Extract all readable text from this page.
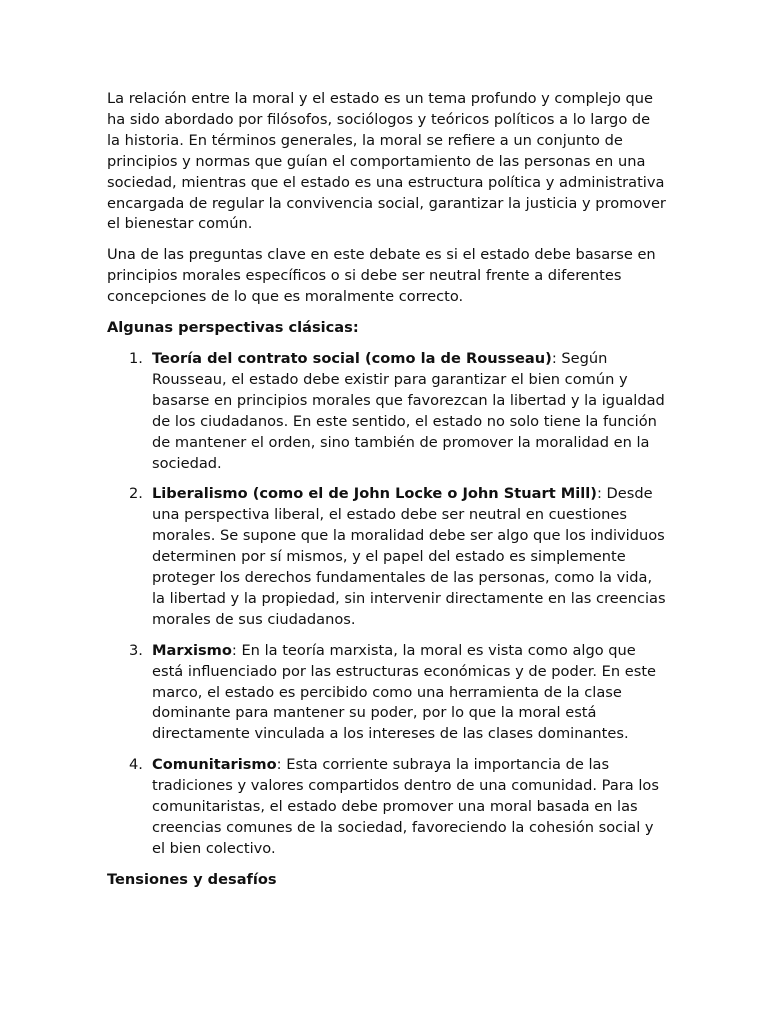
La relación entre la moral y el estado es un tema profundo y complejo que ha sido abordado por filósofos, sociólogos y teóricos políticos a lo largo de la historia. En términos generales, la moral se refiere a un conjunto de principios y normas que guían el comportamiento de las personas en una sociedad, mientras que el estado es una estructura política y administrativa encargada de regular la convivencia social, garantizar la justicia y promover el bienestar común.

Una de las preguntas clave en este debate es si el estado debe basarse en principios morales específicos o si debe ser neutral frente a diferentes concepciones de lo que es moralmente correcto.

Algunas perspectivas clásicas:

1. Teoría del contrato social (como la de Rousseau): Según Rousseau, el estado debe existir para garantizar el bien común y basarse en principios morales que favorezcan la libertad y la igualdad de los ciudadanos. En este sentido, el estado no solo tiene la función de mantener el orden, sino también de promover la moralidad en la sociedad.
2. Liberalismo (como el de John Locke o John Stuart Mill): Desde una perspectiva liberal, el estado debe ser neutral en cuestiones morales. Se supone que la moralidad debe ser algo que los individuos determinen por sí mismos, y el papel del estado es simplemente proteger los derechos fundamentales de las personas, como la vida, la libertad y la propiedad, sin intervenir directamente en las creencias morales de sus ciudadanos.
3. Marxismo: En la teoría marxista, la moral es vista como algo que está influenciado por las estructuras económicas y de poder. En este marco, el estado es percibido como una herramienta de la clase dominante para mantener su poder, por lo que la moral está directamente vinculada a los intereses de las clases dominantes.
4. Comunitarismo: Esta corriente subraya la importancia de las tradiciones y valores compartidos dentro de una comunidad. Para los comunitaristas, el estado debe promover una moral basada en las creencias comunes de la sociedad, favoreciendo la cohesión social y el bien colectivo.

Tensiones y desafíos
